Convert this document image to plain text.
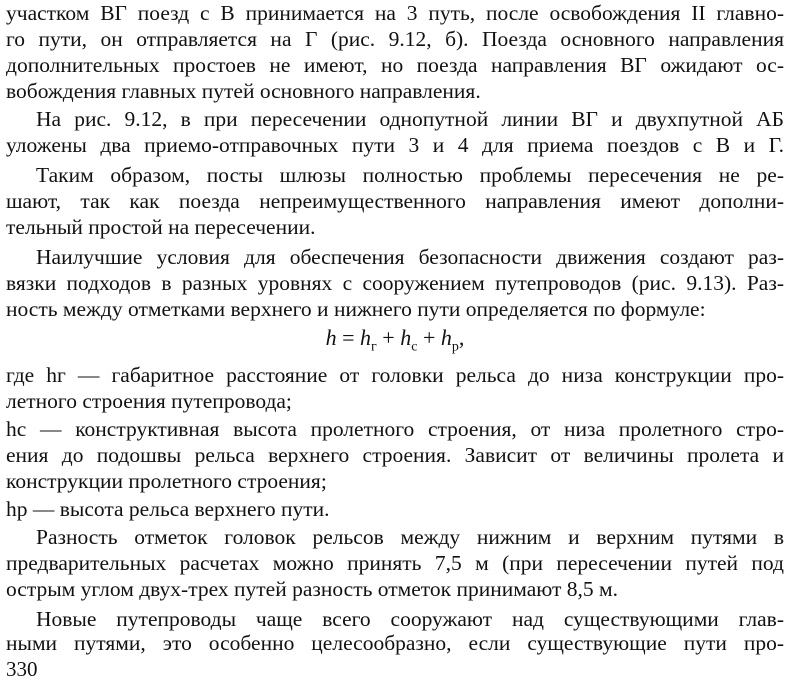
участком ВГ поезд с В принимается на 3 путь, после освобождения II главно-
го пути, он отправляется на Г (рис. 9.12, б). Поезда основного направления
дополнительных простоев не имеют, но поезда направления ВГ ожидают ос-
вобождения главных путей основного направления.
На рис. 9.12, в при пересечении однопутной линии ВГ и двухпутной АБ
уложены два приемо-отправочных пути 3 и 4 для приема поездов с В и Г.
Таким образом, посты шлюзы полностью проблемы пересечения не ре-
шают, так как поезда непреимущественного направления имеют дополни-
тельный простой на пересечении.
Наилучшие условия для обеспечения безопасности движения создают раз-
вязки подходов в разных уровнях с сооружением путепроводов (рис. 9.13). Раз-
ность между отметками верхнего и нижнего пути определяется по формуле:
$h = h_г + h_с + h_р$,
где hг — габаритное расстояние от головки рельса до низа конструкции про-
летного строения путепровода;
hс — конструктивная высота пролетного строения, от низа пролетного стро-
ения до подошвы рельса верхнего строения. Зависит от величины пролета и
конструкции пролетного строения;
hр — высота рельса верхнего пути.
Разность отметок головок рельсов между нижним и верхним путями в
предварительных расчетах можно принять 7,5 м (при пересечении путей под
острым углом двух-трех путей разность отметок принимают 8,5 м.
Новые путепроводы чаще всего сооружают над существующими глав-
ными путями, это особенно целесообразно, если существующие пути про-
330
